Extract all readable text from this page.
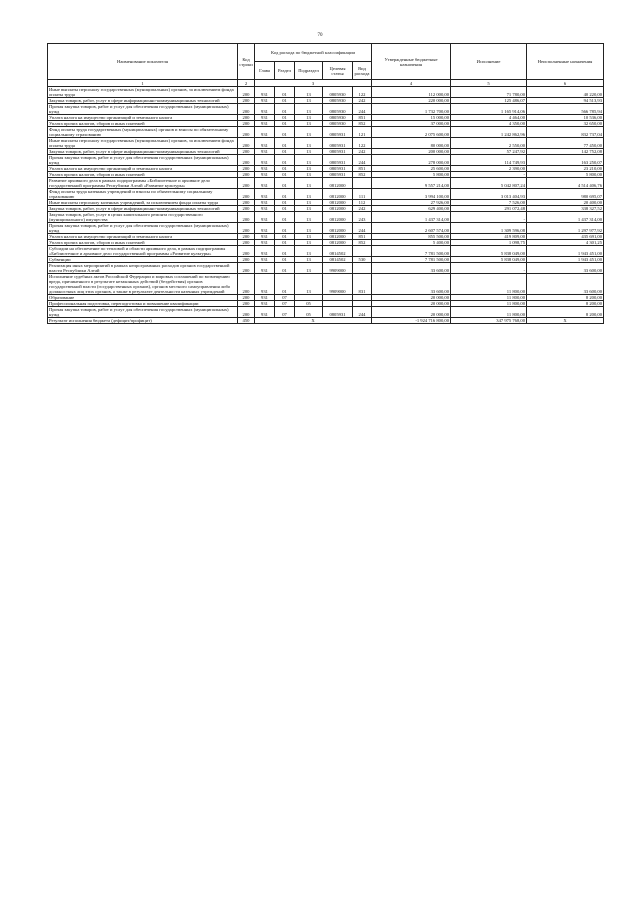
70
Наименование показателя	Код строки	Код расхода по бюджетной классификации					Утвержденные бюджетные назначения	Исполнение	Неисполненные назначения
		Глава	Раздел	Подраздел	Целевая статья	Вид расхода			
1	2	3					4	5	6
Иные выплаты персоналу государственных (муниципальных) органов, за исключением фонда оплаты труда	200	931	01	13	0805930	122	112 000,00	71 780,00	40 220,00
Закупка товаров, работ, услуг в сфере информационно-коммуникационных технологий	200	931	01	13	0805930	242	220 000,00	125 486,07	94 513,93
Прочая закупка товаров, работ и услуг для обеспечения государственных (муниципальных) нужд	200	931	01	13	0805930	244	1 732 700,00	1 165 914,06	566 785,94
Уплата налога на имущество организаций и земельного налога	200	931	01	13	0805930	851	15 000,00	4 464,00	10 536,00
Уплата прочих налогов, сборов и иных платежей	200	931	01	13	0805930	852	37 000,00	4 350,00	32 650,00
Фонд оплаты труда государственных (муниципальных) органов и взносы по обязательному социальному страхованию	200	931	01	13	0805931	121	2 075 600,00	1 242 862,96	832 737,04
Иные выплаты персоналу государственных (муниципальных) органов, за исключением фонда оплаты труда	200	931	01	13	0805931	122	80 000,00	2 550,00	77 450,00
Закупка товаров, работ, услуг в сфере информационно-коммуникационных технологий	200	931	01	13	0805931	242	200 000,00	57 247,92	142 752,08
Прочая закупка товаров, работ и услуг для обеспечения государственных (муниципальных) нужд	200	931	01	13	0805931	244	278 000,00	114 749,93	163 250,07
Уплата налога на имущество организаций и земельного налога	200	931	01	13	0805931	851	25 600,00	2 390,00	23 210,00
Уплата прочих налогов, сборов и иных платежей	200	931	01	13	0805931	852	5 800,00	-	5 800,00
Развитие архивного дела в рамках подпрограммы «Библиотечное и архивное дело государственной программы Республики Алтай «Развитие культуры»	200	931	01	13	0812000		9 557 214,00	5 042 807,24	4 514 406,76
Фонд оплаты труда казенных учреждений и взносы по обязательному социальному страхованию	200	931	01	13	0812000	111	3 994 100,00	3 013 404,93	980 695,07
Иные выплаты персоналу казенных учреждений, за исключением фонда оплаты труда	200	931	01	13	0812000	112	27 926,00	7 526,00	20 400,00
Закупка товаров, работ, услуг в сфере информационно-коммуникационных технологий	200	931	01	13	0812000	242	629 400,00	291 072,48	338 327,52
Закупка товаров, работ, услуг в целях капитального ремонта государственного (муниципального) имущества	200	931	01	13	0812000	243	1 437 314,00	-	1 437 314,00
Прочая закупка товаров, работ и услуг для обеспечения государственных (муниципальных) нужд	200	931	01	13	0812000	244	2 607 574,00	1 309 596,08	1 297 977,92
Уплата налога на имущество организаций и земельного налога	200	931	01	13	0812000	851	855 500,00	419 809,00	435 691,00
Уплата прочих налогов, сборов и иных платежей	200	931	01	13	0812000	852	5 400,00	1 098,75	4 301,25
Субсидии на обеспечение по тепловой и области архивного дела, в рамках подпрограммы «Библиотечное и архивное дело государственной программы «Развитие культуры»	200	931	01	13	0814502		7 781 500,00	5 838 049,00	1 943 451,00
Субвенции	200	931	01	13	0814502	530	7 781 500,00	5 838 049,00	1 943 451,00
Реализация иных мероприятий в рамках непрограммных расходов органов государственной власти Республики Алтай	200	931	01	13	9909000		33 600,00	-	33 600,00
Исполнение судебных актов Российской Федерации и мировых соглашений по возмещению вреда, причиненного в результате незаконных действий (бездействия) органов государственной власти (государственных органов), органов местного самоуправления либо должностных лиц этих органов, а также в результате деятельности казенных учреждений	200	931	01	13	9909000	831	33 600,00	11 800,00	33 600,00
Образование	200	931	07				20 000,00	11 800,00	8 200,00
Профессиональная подготовка, переподготовка и повышение квалификации	200	931	07	05			20 000,00	11 800,00	8 200,00
Прочая закупка товаров, работ и услуг для обеспечения государственных (муниципальных) нужд	200	931	07	05	0805931	244	20 000,00	11 800,00	8 200,00
Результат исполнения бюджета (дефицит/профицит)	450	X					-1 924 716 800,00	347 975 768,00	X
